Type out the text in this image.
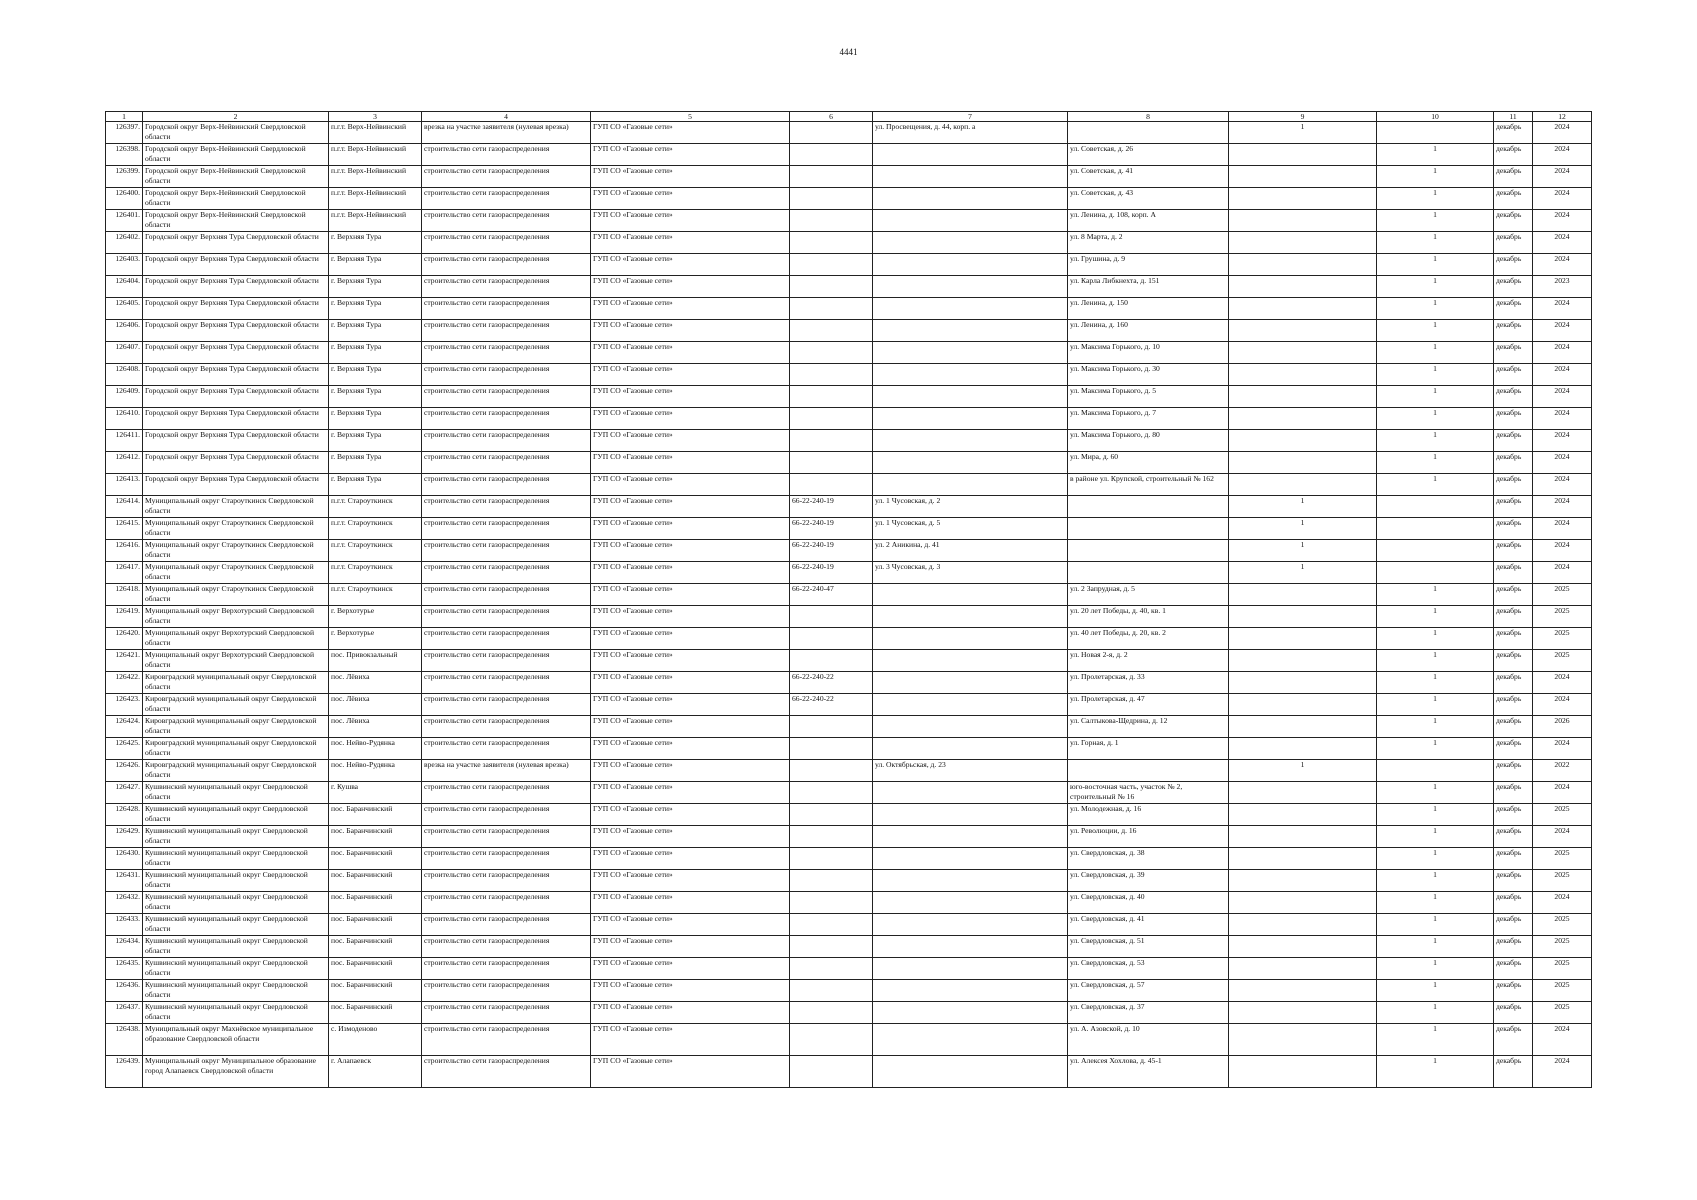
4441
1	2	3	4	5	6	7	8	9	10	11	12
126397.	Городской округ Верх-Нейвинский Свердловской области	п.г.т. Верх-Нейвинский	врезка на участке заявителя (нулевая врезка)	ГУП СО «Газовые сети»		ул. Просвещения, д. 44, корп. а		1		декабрь	2024
126398.	Городской округ Верх-Нейвинский Свердловской области	п.г.т. Верх-Нейвинский	строительство сети газораспределения	ГУП СО «Газовые сети»			ул. Советская, д. 26		1	декабрь	2024
126399.	Городской округ Верх-Нейвинский Свердловской области	п.г.т. Верх-Нейвинский	строительство сети газораспределения	ГУП СО «Газовые сети»			ул. Советская, д. 41		1	декабрь	2024
126400.	Городской округ Верх-Нейвинский Свердловской области	п.г.т. Верх-Нейвинский	строительство сети газораспределения	ГУП СО «Газовые сети»			ул. Советская, д. 43		1	декабрь	2024
126401.	Городской округ Верх-Нейвинский Свердловской области	п.г.т. Верх-Нейвинский	строительство сети газораспределения	ГУП СО «Газовые сети»			ул. Ленина, д. 108, корп. А		1	декабрь	2024
126402.	Городской округ Верхняя Тура Свердловской области	г. Верхняя Тура	строительство сети газораспределения	ГУП СО «Газовые сети»			ул. 8 Марта, д. 2		1	декабрь	2024
126403.	Городской округ Верхняя Тура Свердловской области	г. Верхняя Тура	строительство сети газораспределения	ГУП СО «Газовые сети»			ул. Грушина, д. 9		1	декабрь	2024
126404.	Городской округ Верхняя Тура Свердловской области	г. Верхняя Тура	строительство сети газораспределения	ГУП СО «Газовые сети»			ул. Карла Либкнехта, д. 151		1	декабрь	2023
126405.	Городской округ Верхняя Тура Свердловской области	г. Верхняя Тура	строительство сети газораспределения	ГУП СО «Газовые сети»			ул. Ленина, д. 150		1	декабрь	2024
126406.	Городской округ Верхняя Тура Свердловской области	г. Верхняя Тура	строительство сети газораспределения	ГУП СО «Газовые сети»			ул. Ленина, д. 160		1	декабрь	2024
126407.	Городской округ Верхняя Тура Свердловской области	г. Верхняя Тура	строительство сети газораспределения	ГУП СО «Газовые сети»			ул. Максима Горького, д. 10		1	декабрь	2024
126408.	Городской округ Верхняя Тура Свердловской области	г. Верхняя Тура	строительство сети газораспределения	ГУП СО «Газовые сети»			ул. Максима Горького, д. 30		1	декабрь	2024
126409.	Городской округ Верхняя Тура Свердловской области	г. Верхняя Тура	строительство сети газораспределения	ГУП СО «Газовые сети»			ул. Максима Горького, д. 5		1	декабрь	2024
126410.	Городской округ Верхняя Тура Свердловской области	г. Верхняя Тура	строительство сети газораспределения	ГУП СО «Газовые сети»			ул. Максима Горького, д. 7		1	декабрь	2024
126411.	Городской округ Верхняя Тура Свердловской области	г. Верхняя Тура	строительство сети газораспределения	ГУП СО «Газовые сети»			ул. Максима Горького, д. 80		1	декабрь	2024
126412.	Городской округ Верхняя Тура Свердловской области	г. Верхняя Тура	строительство сети газораспределения	ГУП СО «Газовые сети»			ул. Мира, д. 60		1	декабрь	2024
126413.	Городской округ Верхняя Тура Свердловской области	г. Верхняя Тура	строительство сети газораспределения	ГУП СО «Газовые сети»			в районе ул. Крупской, строительный № 162		1	декабрь	2024
126414.	Муниципальный округ Староуткинск Свердловской области	п.г.т. Староуткинск	строительство сети газораспределения	ГУП СО «Газовые сети»	66-22-240-19	ул. 1 Чусовская, д. 2		1		декабрь	2024
126415.	Муниципальный округ Староуткинск Свердловской области	п.г.т. Староуткинск	строительство сети газораспределения	ГУП СО «Газовые сети»	66-22-240-19	ул. 1 Чусовская, д. 5		1		декабрь	2024
126416.	Муниципальный округ Староуткинск Свердловской области	п.г.т. Староуткинск	строительство сети газораспределения	ГУП СО «Газовые сети»	66-22-240-19	ул. 2 Аникина, д. 41		1		декабрь	2024
126417.	Муниципальный округ Староуткинск Свердловской области	п.г.т. Староуткинск	строительство сети газораспределения	ГУП СО «Газовые сети»	66-22-240-19	ул. 3 Чусовская, д. 3		1		декабрь	2024
126418.	Муниципальный округ Староуткинск Свердловской области	п.г.т. Староуткинск	строительство сети газораспределения	ГУП СО «Газовые сети»	66-22-240-47		ул. 2 Запрудная, д. 5		1	декабрь	2025
126419.	Муниципальный округ Верхотурский Свердловской области	г. Верхотурье	строительство сети газораспределения	ГУП СО «Газовые сети»			ул. 20 лет Победы, д. 40, кв. 1		1	декабрь	2025
126420.	Муниципальный округ Верхотурский Свердловской области	г. Верхотурье	строительство сети газораспределения	ГУП СО «Газовые сети»			ул. 40 лет Победы, д. 20, кв. 2		1	декабрь	2025
126421.	Муниципальный округ Верхотурский Свердловской области	пос. Привокзальный	строительство сети газораспределения	ГУП СО «Газовые сети»			ул. Новая 2-я, д. 2		1	декабрь	2025
126422.	Кировградский муниципальный округ Свердловской области	пос. Лёвиха	строительство сети газораспределения	ГУП СО «Газовые сети»	66-22-240-22		ул. Пролетарская, д. 33		1	декабрь	2024
126423.	Кировградский муниципальный округ Свердловской области	пос. Лёвиха	строительство сети газораспределения	ГУП СО «Газовые сети»	66-22-240-22		ул. Пролетарская, д. 47		1	декабрь	2024
126424.	Кировградский муниципальный округ Свердловской области	пос. Лёвиха	строительство сети газораспределения	ГУП СО «Газовые сети»			ул. Салтыкова-Щедрина, д. 12		1	декабрь	2026
126425.	Кировградский муниципальный округ Свердловской области	пос. Нейво-Рудянка	строительство сети газораспределения	ГУП СО «Газовые сети»			ул. Горная, д. 1		1	декабрь	2024
126426.	Кировградский муниципальный округ Свердловской области	пос. Нейво-Рудянка	врезка на участке заявителя (нулевая врезка)	ГУП СО «Газовые сети»		ул. Октябрьская, д. 23		1		декабрь	2022
126427.	Кушвинский муниципальный округ Свердловской области	г. Кушва	строительство сети газораспределения	ГУП СО «Газовые сети»			юго-восточная часть, участок № 2, строительный № 16		1	декабрь	2024
126428.	Кушвинский муниципальный округ Свердловской области	пос. Баранчинский	строительство сети газораспределения	ГУП СО «Газовые сети»			ул. Молодежная, д. 16		1	декабрь	2025
126429.	Кушвинский муниципальный округ Свердловской области	пос. Баранчинский	строительство сети газораспределения	ГУП СО «Газовые сети»			ул. Революции, д. 16		1	декабрь	2024
126430.	Кушвинский муниципальный округ Свердловской области	пос. Баранчинский	строительство сети газораспределения	ГУП СО «Газовые сети»			ул. Свердловская, д. 38		1	декабрь	2025
126431.	Кушвинский муниципальный округ Свердловской области	пос. Баранчинский	строительство сети газораспределения	ГУП СО «Газовые сети»			ул. Свердловская, д. 39		1	декабрь	2025
126432.	Кушвинский муниципальный округ Свердловской области	пос. Баранчинский	строительство сети газораспределения	ГУП СО «Газовые сети»			ул. Свердловская, д. 40		1	декабрь	2024
126433.	Кушвинский муниципальный округ Свердловской области	пос. Баранчинский	строительство сети газораспределения	ГУП СО «Газовые сети»			ул. Свердловская, д. 41		1	декабрь	2025
126434.	Кушвинский муниципальный округ Свердловской области	пос. Баранчинский	строительство сети газораспределения	ГУП СО «Газовые сети»			ул. Свердловская, д. 51		1	декабрь	2025
126435.	Кушвинский муниципальный округ Свердловской области	пос. Баранчинский	строительство сети газораспределения	ГУП СО «Газовые сети»			ул. Свердловская, д. 53		1	декабрь	2025
126436.	Кушвинский муниципальный округ Свердловской области	пос. Баранчинский	строительство сети газораспределения	ГУП СО «Газовые сети»			ул. Свердловская, д. 57		1	декабрь	2025
126437.	Кушвинский муниципальный округ Свердловской области	пос. Баранчинский	строительство сети газораспределения	ГУП СО «Газовые сети»			ул. Свердловская, д. 37		1	декабрь	2025
126438.	Муниципальный округ Махнёвское муниципальное образование Свердловской области	с. Измоденово	строительство сети газораспределения	ГУП СО «Газовые сети»			ул. А. Азовской, д. 10		1	декабрь	2024
126439.	Муниципальный округ Муниципальное образование город Алапаевск Свердловской области	г. Алапаевск	строительство сети газораспределения	ГУП СО «Газовые сети»			ул. Алексея Хохлова, д. 45-1		1	декабрь	2024
